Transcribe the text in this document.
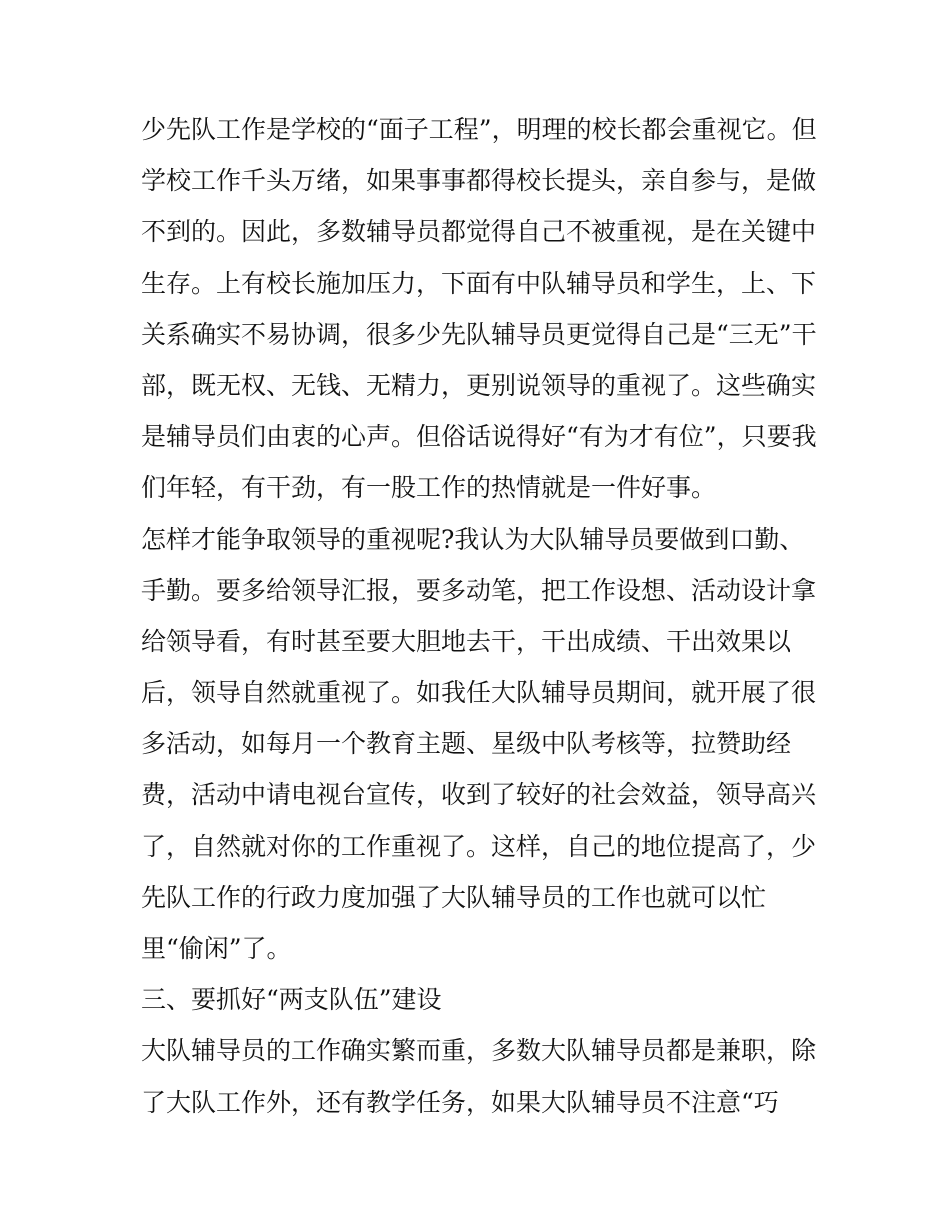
少先队工作是学校的“面子工程”，明理的校长都会重视它。但

学校工作千头万绪，如果事事都得校长提头，亲自参与，是做

不到的。因此，多数辅导员都觉得自己不被重视，是在关键中

生存。上有校长施加压力，下面有中队辅导员和学生，上、下

关系确实不易协调，很多少先队辅导员更觉得自己是“三无”干

部，既无权、无钱、无精力，更别说领导的重视了。这些确实

是辅导员们由衷的心声。但俗话说得好“有为才有位”，只要我

们年轻，有干劲，有一股工作的热情就是一件好事。

怎样才能争取领导的重视呢?我认为大队辅导员要做到口勤、

手勤。要多给领导汇报，要多动笔，把工作设想、活动设计拿

给领导看，有时甚至要大胆地去干，干出成绩、干出效果以

后，领导自然就重视了。如我任大队辅导员期间，就开展了很

多活动，如每月一个教育主题、星级中队考核等，拉赞助经

费，活动中请电视台宣传，收到了较好的社会效益，领导高兴

了，自然就对你的工作重视了。这样，自己的地位提高了，少

先队工作的行政力度加强了大队辅导员的工作也就可以忙

里“偷闲”了。

三、要抓好“两支队伍”建设

大队辅导员的工作确实繁而重，多数大队辅导员都是兼职，除

了大队工作外，还有教学任务，如果大队辅导员不注意“巧
